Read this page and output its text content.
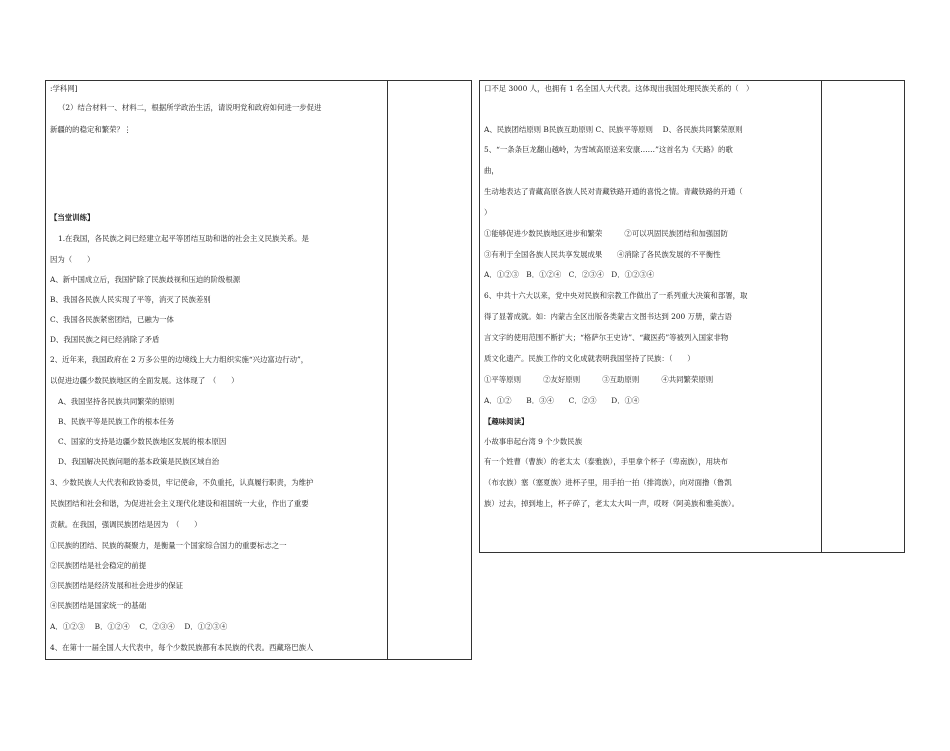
:学科网]
（2）结合材料一、材料二，根据所学政治生活，请说明党和政府如何进一步促进
新疆的的稳定和繁荣？⋮
【当堂训练】
1.在我国，各民族之间已经建立起平等团结互助和谐的社会主义民族关系。是
因为（　　）
A、新中国成立后，我国铲除了民族歧视和压迫的阶级根源
B、我国各民族人民实现了平等，消灭了民族差别
C、我国各民族紧密团结，已融为一体
D、我国民族之间已经消除了矛盾
2、近年来，我国政府在 2 万多公里的边境线上大力组织实施“兴边富边行动”，
以促进边疆少数民族地区的全面发展。这体现了　（　　）
A、我国坚持各民族共同繁荣的原则
B、民族平等是民族工作的根本任务
C、国家的支持是边疆少数民族地区发展的根本原因
D、我国解决民族问题的基本政策是民族区域自治
3、少数民族人大代表和政协委员，牢记使命，不负重托，认真履行职责，为维护
民族团结和社会和谐，为促进社会主义现代化建设和祖国统一大业，作出了重要
贡献。在我国，强调民族团结是因为　（　　）
①民族的团结、民族的凝聚力，是衡量一个国家综合国力的重要标志之一
②民族团结是社会稳定的前提
③民族团结是经济发展和社会进步的保证
④民族团结是国家统一的基础
A．①②③　 B．①②④　 C．②③④　 D．①②③④
4、在第十一届全国人大代表中，每个少数民族都有本民族的代表。西藏珞巴族人
口不足 3000 人，也拥有 1 名全国人大代表。这体现出我国处理民族关系的（　）
A、民族团结原则 B民族互助原则 C、民族平等原则　 D、各民族共同繁荣原则
5、“一条条巨龙翻山越岭，为雪域高原送来安康……”这首名为《天路》的歌
曲，
生动地表达了青藏高原各族人民对青藏铁路开通的喜悦之情。青藏铁路的开通（
）
①能够促进少数民族地区进步和繁荣　　　②可以巩固民族团结和加强国防
③有利于全国各族人民共享发展成果　　④消除了各民族发展的不平衡性
A．①②③　B．①②④　C．②③④　D．①②③④
6、中共十六大以来，党中央对民族和宗教工作做出了一系列重大决策和部署，取
得了显著成就。如：内蒙古全区出版各类蒙古文图书达到 200 万册，蒙古语
言文字的使用范围不断扩大；“格萨尔王史诗”、“藏医药”等被列入国家非物
质文化遗产。民族工作的文化成就表明我国坚持了民族：（　　）
①平等原则　　　②友好原则　　　③互助原则　　　④共同繁荣原则
A．①②　　B．③④　　C．②③　　D．①④
【趣味阅读】
小故事串起台湾 9 个少数民族
有一个姓曹（曹族）的老太太（泰雅族），手里拿个杯子（卑南族），用块布
（布农族）塞（塞夏族）进杯子里，用手拍一拍（排湾族），向对面撸（鲁凯
族）过去，掉到地上，杯子碎了，老太太大叫一声，哎呀（阿美族和雅美族）。
